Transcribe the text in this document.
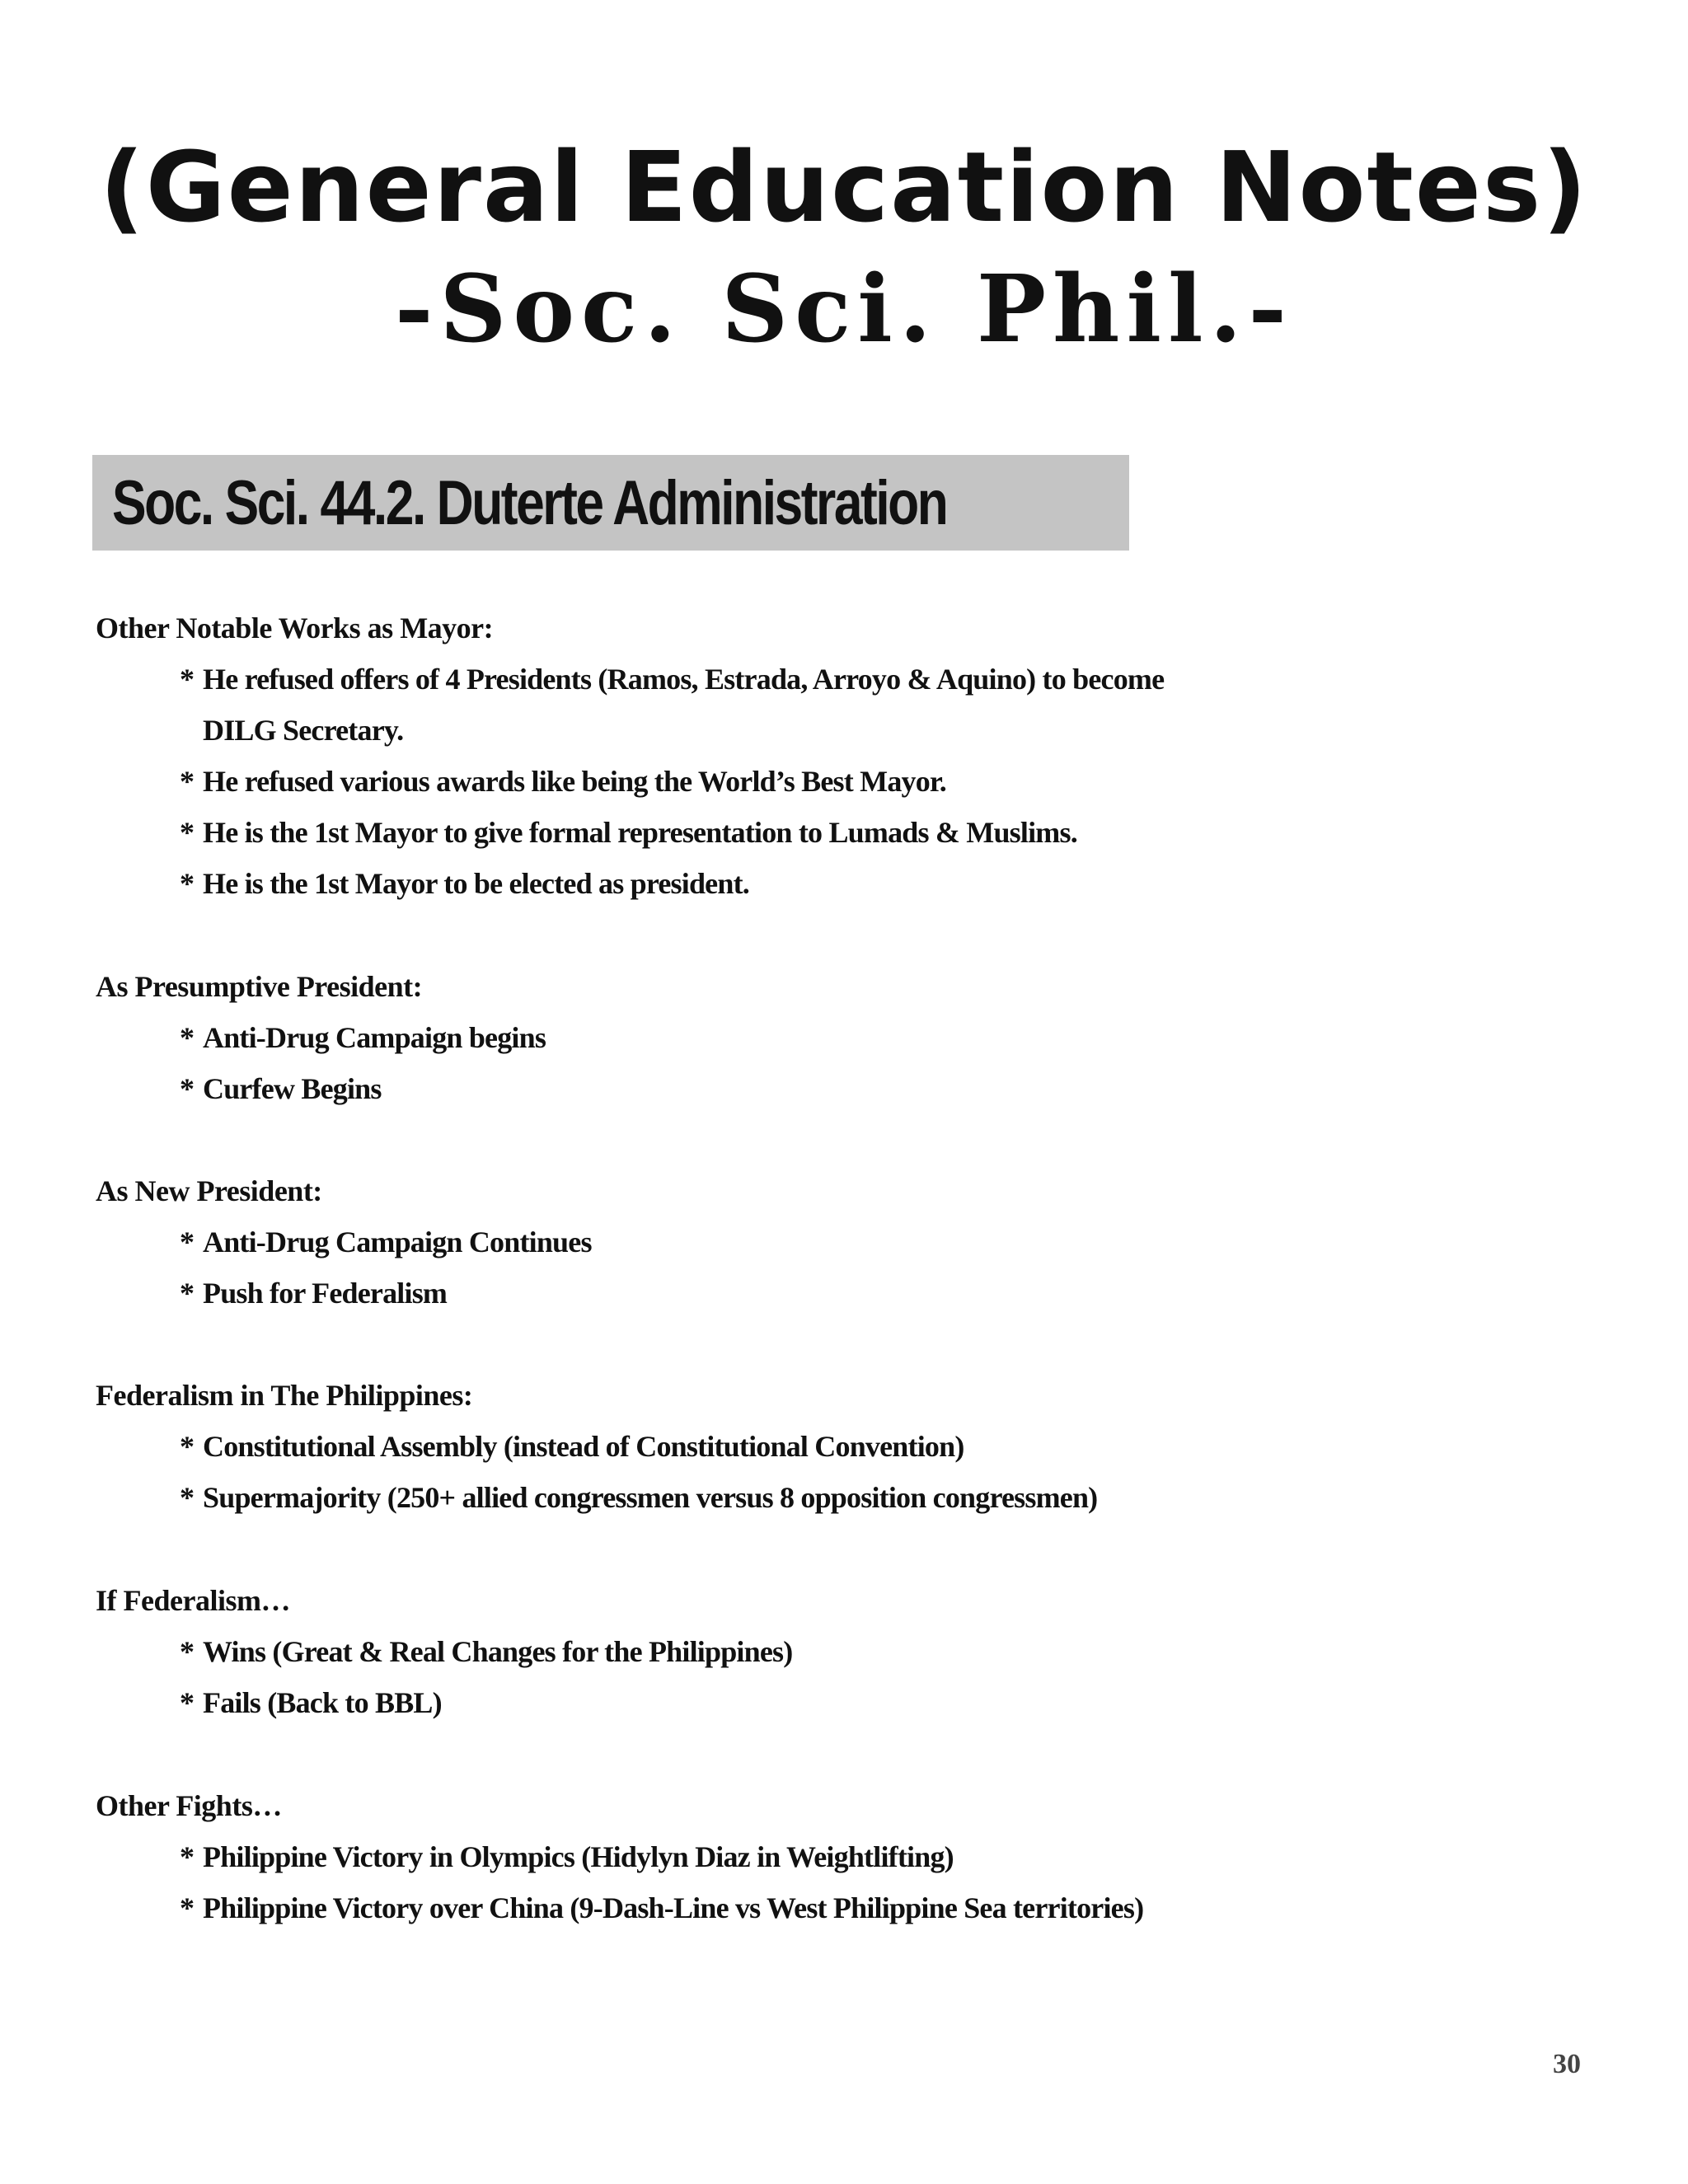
(General Education Notes)
-Soc. Sci. Phil.-
Soc. Sci. 44.2. Duterte Administration
Other Notable Works as Mayor:
* He refused offers of 4 Presidents (Ramos, Estrada, Arroyo & Aquino) to become
DILG Secretary.
* He refused various awards like being the World’s Best Mayor.
* He is the 1st Mayor to give formal representation to Lumads & Muslims.
* He is the 1st Mayor to be elected as president.
As Presumptive President:
* Anti-Drug Campaign begins
* Curfew Begins
As New President:
* Anti-Drug Campaign Continues
* Push for Federalism
Federalism in The Philippines:
* Constitutional Assembly (instead of Constitutional Convention)
* Supermajority (250+ allied congressmen versus 8 opposition congressmen)
If Federalism…
* Wins (Great & Real Changes for the Philippines)
* Fails (Back to BBL)
Other Fights…
* Philippine Victory in Olympics (Hidylyn Diaz in Weightlifting)
* Philippine Victory over China (9-Dash-Line vs West Philippine Sea territories)
30
